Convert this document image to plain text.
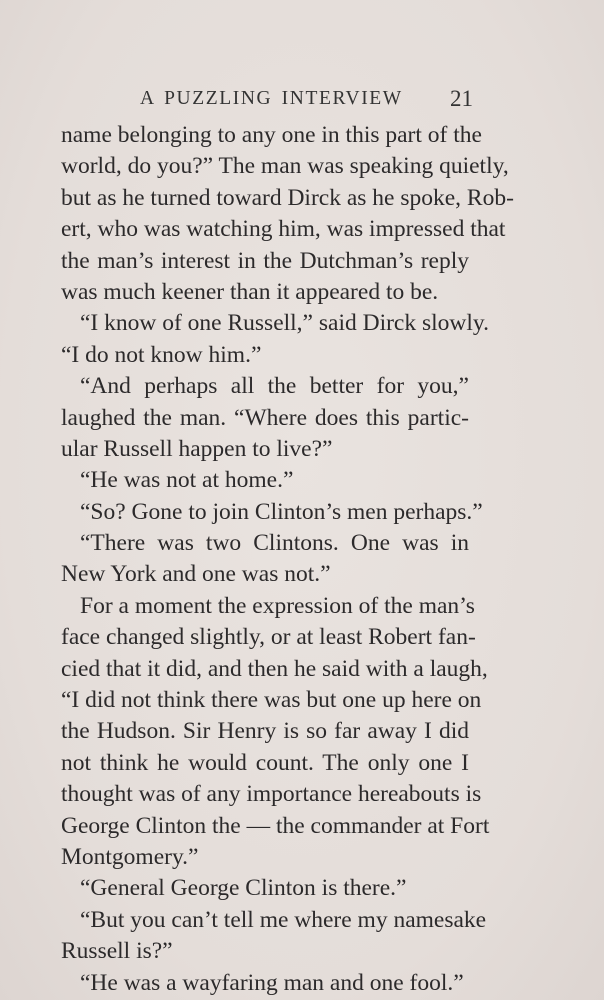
A PUZZLING INTERVIEW 21
name belonging to any one in this part of the
world, do you?” The man was speaking quietly,
but as he turned toward Dirck as he spoke, Rob-
ert, who was watching him, was impressed that
the man’s interest in the Dutchman’s reply
was much keener than it appeared to be.
“I know of one Russell,” said Dirck slowly.
“I do not know him.”
“And perhaps all the better for you,”
laughed the man. “Where does this partic-
ular Russell happen to live?”
“He was not at home.”
“So? Gone to join Clinton’s men perhaps.”
“There was two Clintons. One was in
New York and one was not.”
For a moment the expression of the man’s
face changed slightly, or at least Robert fan-
cied that it did, and then he said with a laugh,
“I did not think there was but one up here on
the Hudson. Sir Henry is so far away I did
not think he would count. The only one I
thought was of any importance hereabouts is
George Clinton the — the commander at Fort
Montgomery.”
“General George Clinton is there.”
“But you can’t tell me where my namesake
Russell is?”
“He was a wayfaring man and one fool.”
